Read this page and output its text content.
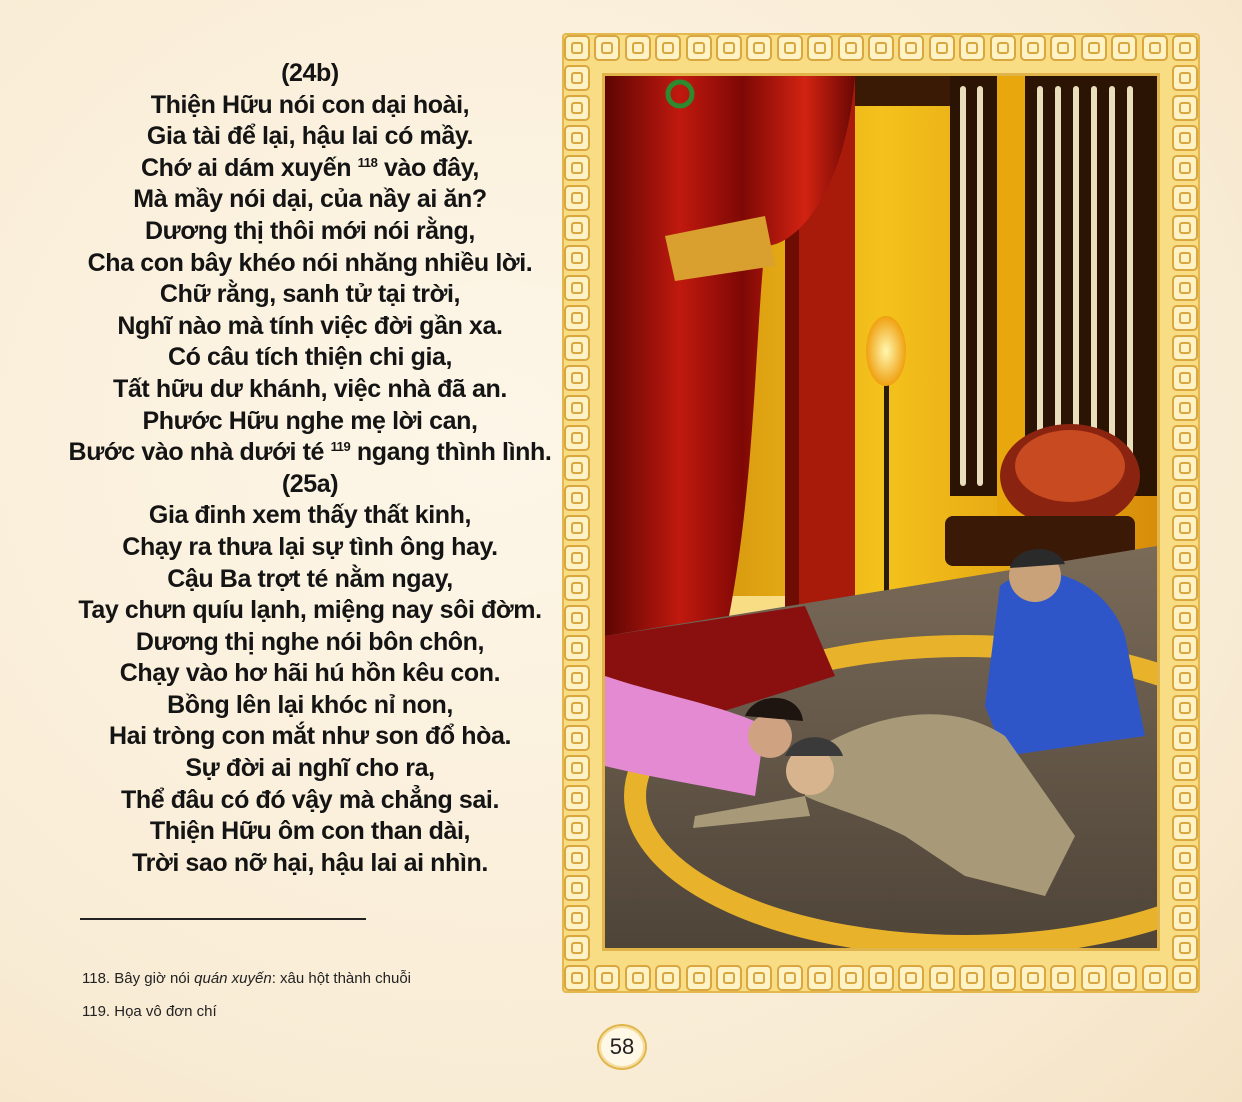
(24b)
Thiện Hữu nói con dại hoài,
Gia tài để lại, hậu lai có mầy.
Chớ ai dám xuyến $^{118}$ vào đây,
Mà mầy nói dại, của nầy ai ăn?
Dương thị thôi mới nói rằng,
Cha con bây khéo nói nhăng nhiều lời.
Chữ rằng, sanh tử tại trời,
Nghĩ nào mà tính việc đời gần xa.
Có câu tích thiện chi gia,
Tất hữu dư khánh, việc nhà đã an.
Phước Hữu nghe mẹ lời can,
Bước vào nhà dưới té $^{119}$ ngang thình lình.
(25a)
Gia đinh xem thấy thất kinh,
Chạy ra thưa lại sự tình ông hay.
Cậu Ba trợt té nằm ngay,
Tay chưn quíu lạnh, miệng nay sôi đờm.
Dương thị nghe nói bôn chôn,
Chạy vào hơ hãi hú hồn kêu con.
Bồng lên lại khóc nỉ non,
Hai tròng con mắt như son đổ hòa.
Sự đời ai nghĩ cho ra,
Thể đâu có đó vậy mà chẳng sai.
Thiện Hữu ôm con than dài,
Trời sao nỡ hại, hậu lai ai nhìn.
118. Bây giờ nói quán xuyến: xâu hột thành chuỗi
119. Họa vô đơn chí
58
